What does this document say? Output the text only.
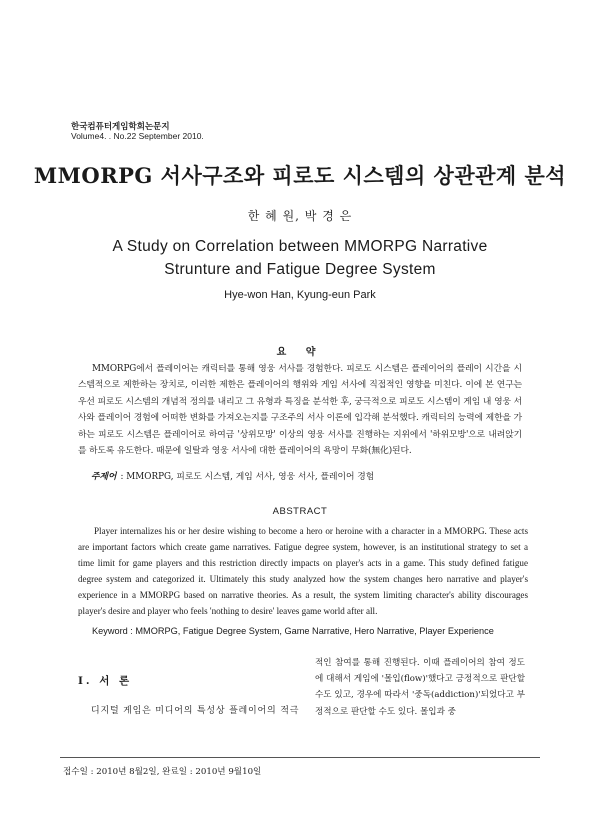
한국컴퓨터게임학회논문지
Volume4. . No.22 September 2010.
MMORPG 서사구조와 피로도 시스템의 상관관계 분석
한 혜 원, 박 경 은
A Study on Correlation between MMORPG Narrative Strunture and Fatigue Degree System
Hye-won Han, Kyung-eun Park
요 약
MMORPG에서 플레이어는 캐릭터를 통해 영웅 서사를 경험한다. 피로도 시스템은 플레이어의 플레이 시간을 시스템적으로 제한하는 장치로, 이러한 제한은 플레이어의 행위와 게임 서사에 직접적인 영향을 미친다. 이에 본 연구는 우선 피로도 시스템의 개념적 정의를 내리고 그 유형과 특징을 분석한 후, 궁극적으로 피로도 시스템이 게임 내 영웅 서사와 플레이어 경험에 어떠한 변화를 가져오는지를 구조주의 서사 이론에 입각해 분석했다. 캐릭터의 능력에 제한을 가하는 피로도 시스템은 플레이어로 하여금 '상위모방' 이상의 영웅 서사를 진행하는 지위에서 '하위모방'으로 내려앉기를 하도록 유도한다. 때문에 일탈과 영웅 서사에 대한 플레이어의 욕망이 무화(無化)된다.
주제어 : MMORPG, 피로도 시스템, 게임 서사, 영웅 서사, 플레이어 경험
ABSTRACT
Player internalizes his or her desire wishing to become a hero or heroine with a character in a MMORPG. These acts are important factors which create game narratives. Fatigue degree system, however, is an institutional strategy to set a time limit for game players and this restriction directly impacts on player's acts in a game. This study defined fatigue degree system and categorized it. Ultimately this study analyzed how the system changes hero narrative and player's experience in a MMORPG based on narrative theories. As a result, the system limiting character's ability discourages player's desire and player who feels 'nothing to desire' leaves game world after all.
Keyword : MMORPG, Fatigue Degree System, Game Narrative, Hero Narrative, Player Experience
Ⅰ. 서 론
디지털 게임은 미디어의 특성상 플레이어의 적극
적인 참여를 통해 진행된다. 이때 플레이어의 참여 정도에 대해서 게임에 '몰입(flow)'했다고 긍정적으로 판단할 수도 있고, 경우에 따라서 '중독(addiction)'되었다고 부정적으로 판단할 수도 있다. 몰입과 중
접수일 : 2010년 8월2일, 완료일 : 2010년 9월10일
